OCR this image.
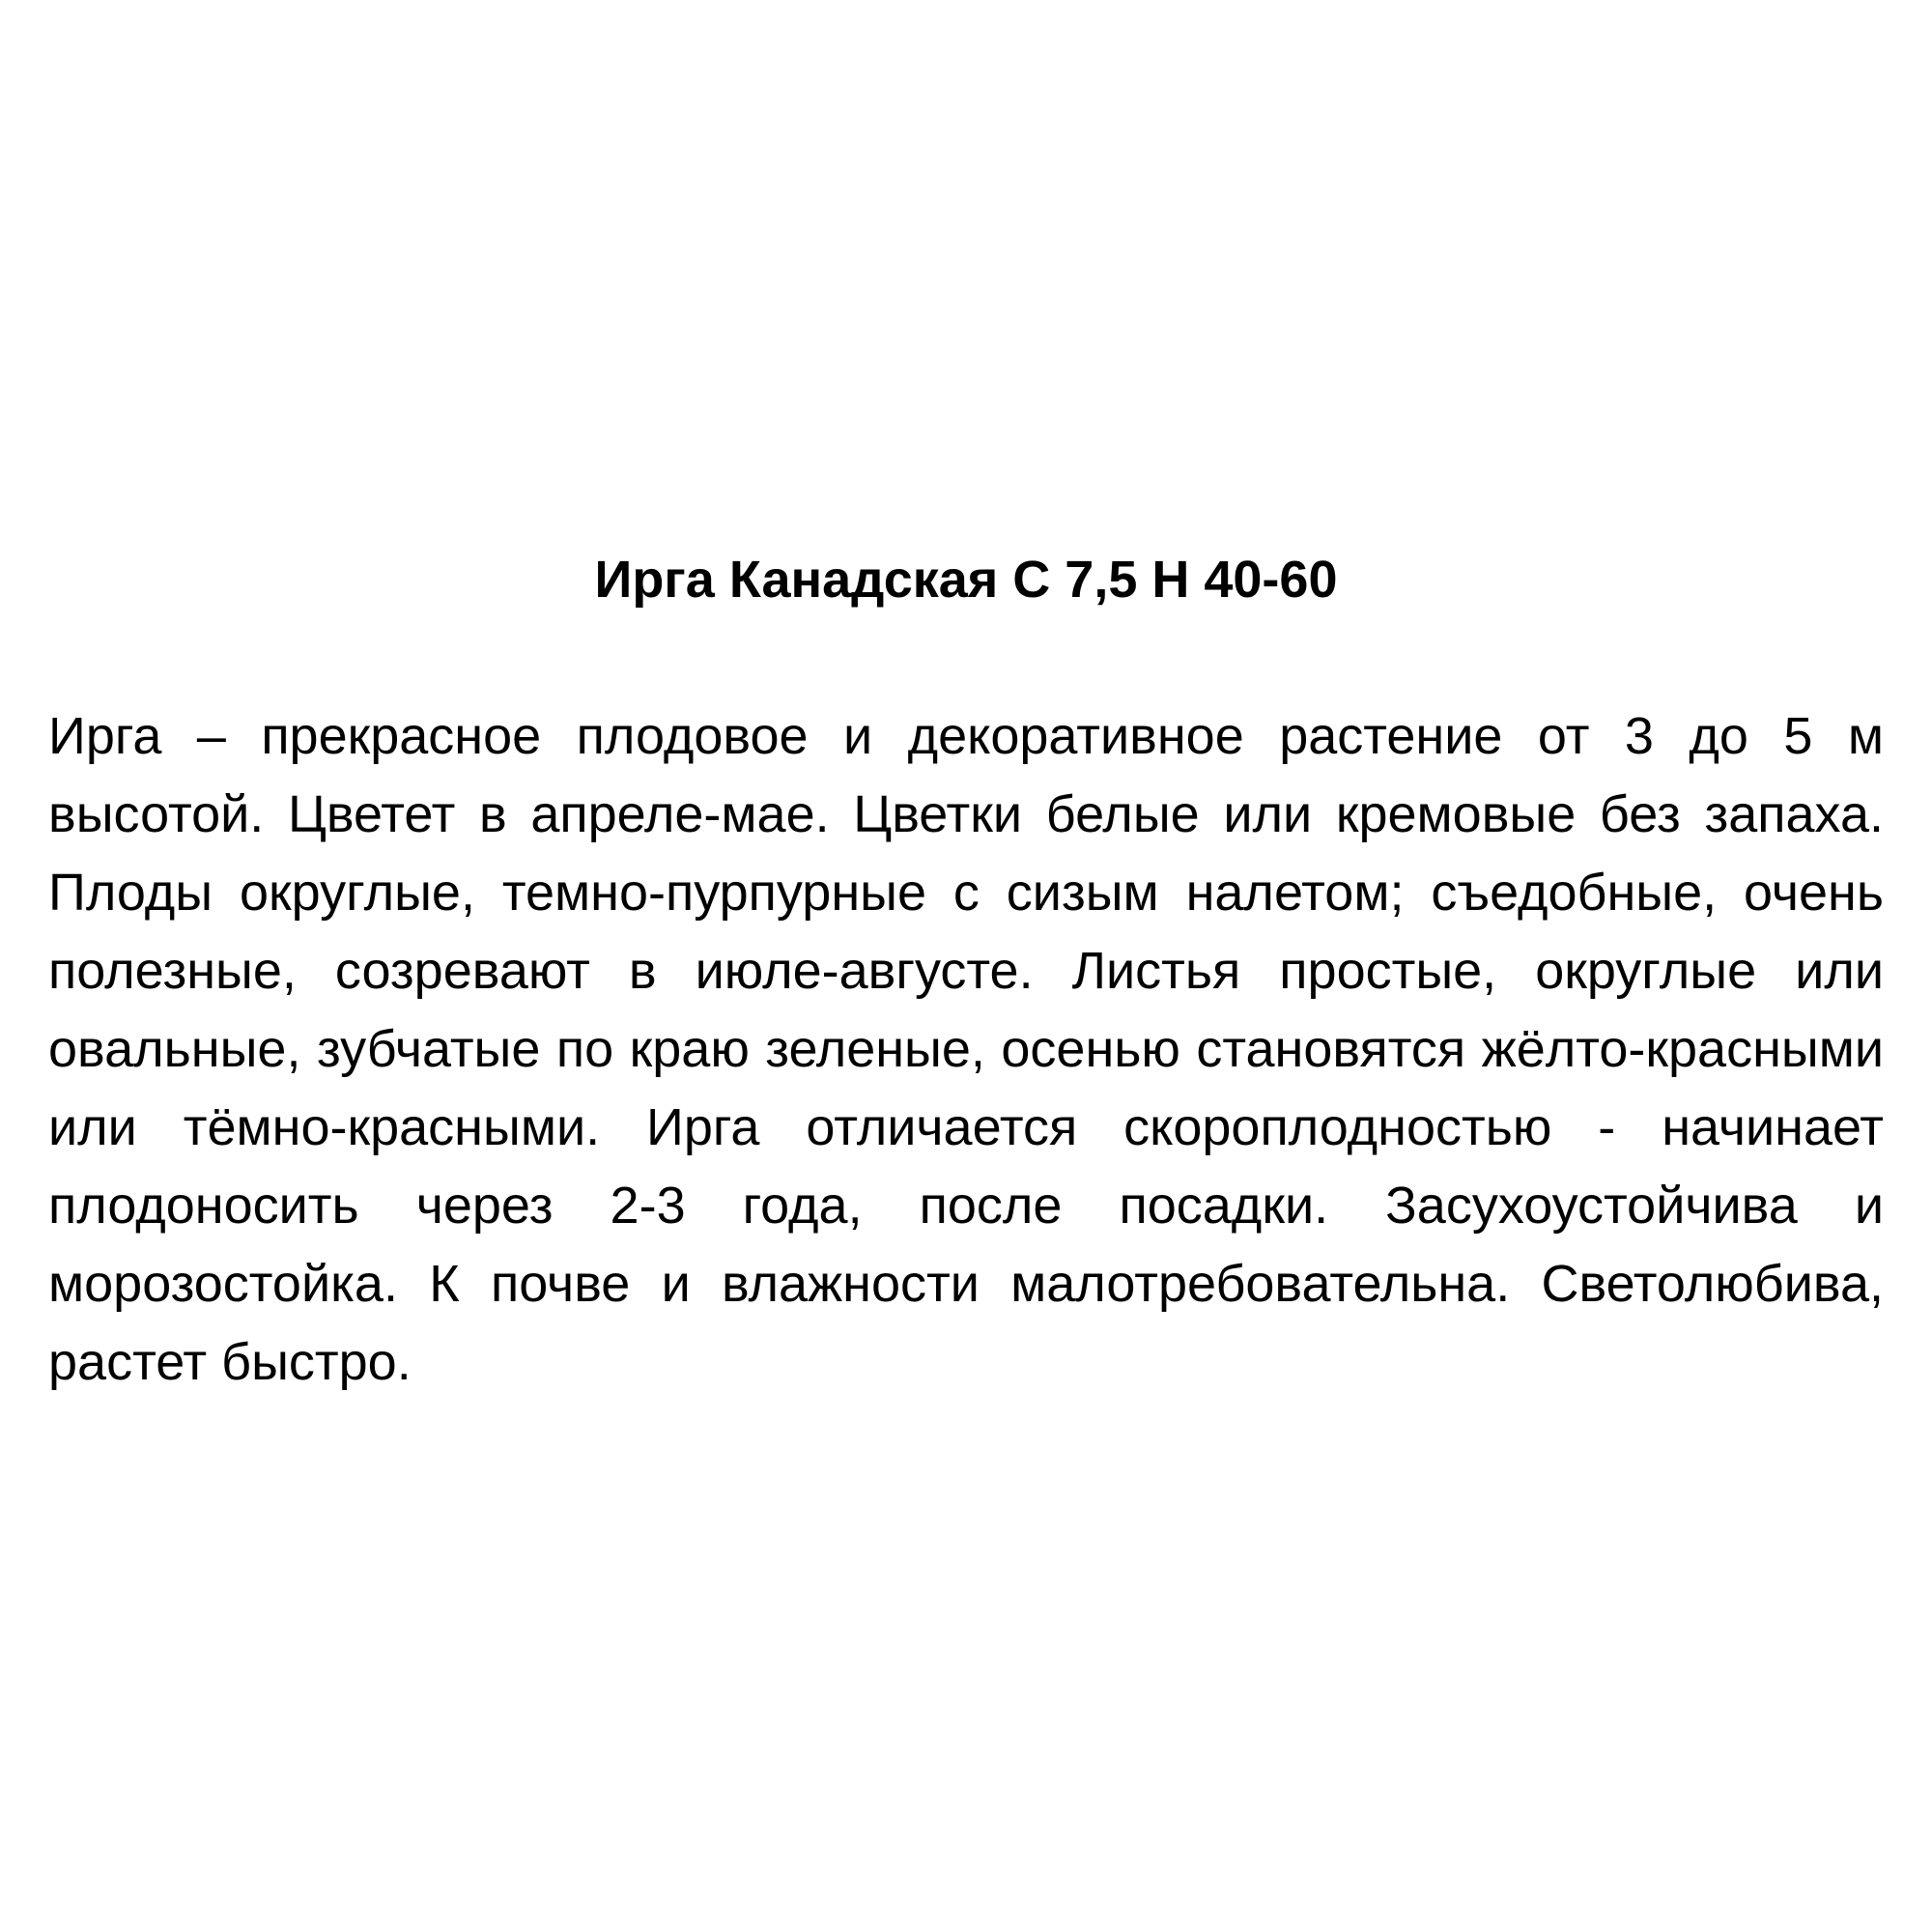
Ирга Канадская С 7,5 Н 40-60

Ирга – прекрасное плодовое и декоративное растение от 3 до 5 м высотой. Цветет в апреле-мае. Цветки белые или кремовые без запаха. Плоды округлые, темно-пурпурные с сизым налетом; съедобные, очень полезные, созревают в июле-августе. Листья простые, округлые или овальные, зубчатые по краю зеленые, осенью становятся жёлто-красными или тёмно-красными. Ирга отличается скороплодностью - начинает плодоносить через 2-3 года, после посадки. Засухоустойчива и морозостойка. К почве и влажности малотребовательна. Светолюбива, растет быстро.
